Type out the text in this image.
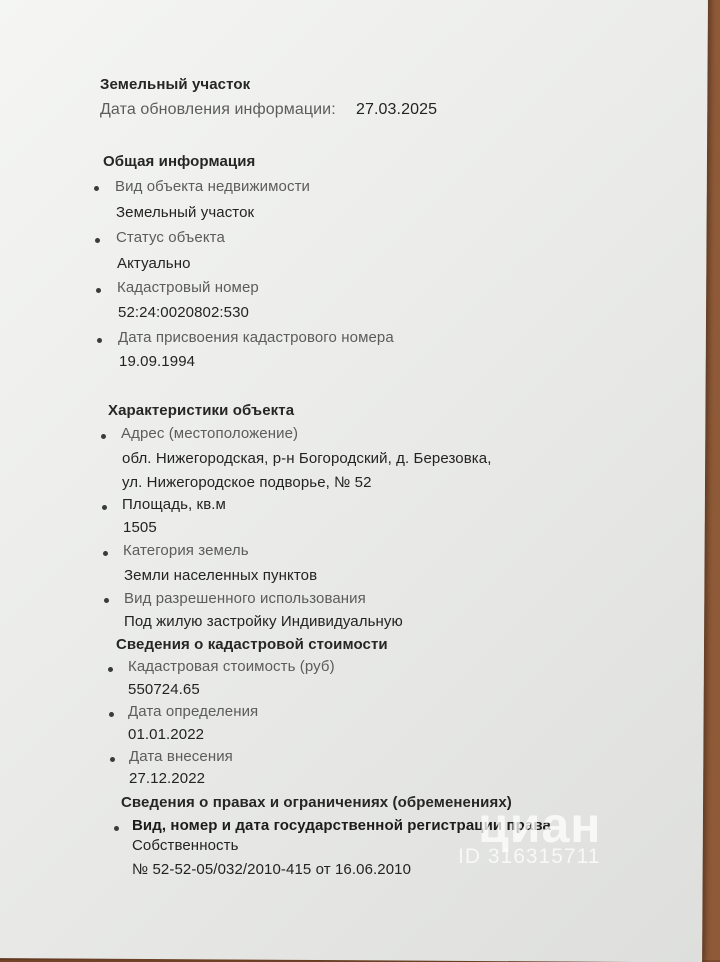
Земельный участок
Дата обновления информации: 27.03.2025
Общая информация
Вид объекта недвижимости
Земельный участок
Статус объекта
Актуально
Кадастровый номер
52:24:0020802:530
Дата присвоения кадастрового номера
19.09.1994
Характеристики объекта
Адрес (местоположение)
обл. Нижегородская, р-н Богородский, д. Березовка,
ул. Нижегородское подворье, № 52
Площадь, кв.м
1505
Категория земель
Земли населенных пунктов
Вид разрешенного использования
Под жилую застройку Индивидуальную
Сведения о кадастровой стоимости
Кадастровая стоимость (руб)
550724.65
Дата определения
01.01.2022
Дата внесения
27.12.2022
Сведения о правах и ограничениях (обременениях)
Вид, номер и дата государственной регистрации права
Собственность
№ 52-52-05/032/2010-415 от 16.06.2010
циан
ID 316315711
